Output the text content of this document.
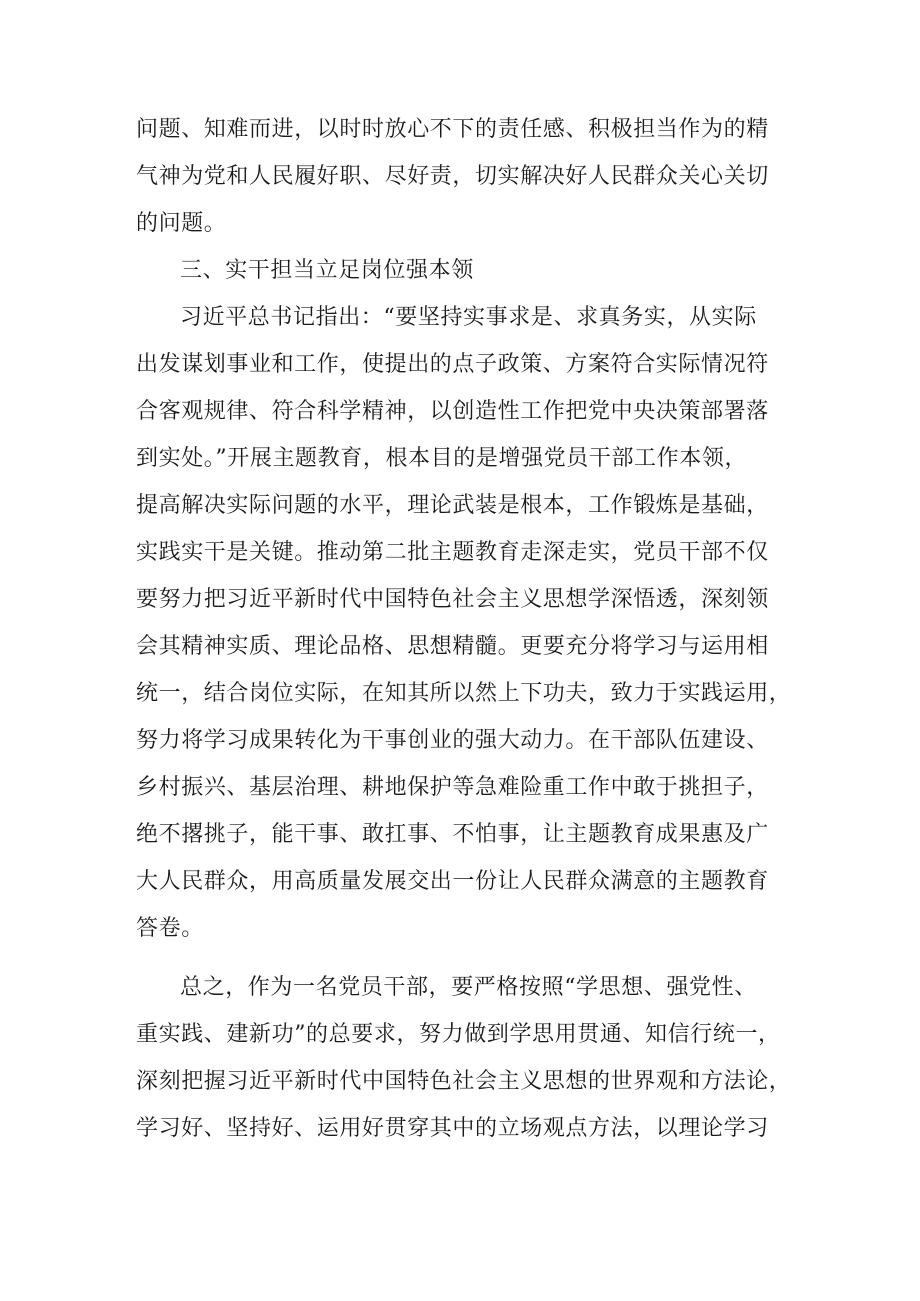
问题、知难而进，以时时放心不下的责任感、积极担当作为的精
气神为党和人民履好职、尽好责，切实解决好人民群众关心关切
的问题。
三、实干担当立足岗位强本领
习近平总书记指出：“要坚持实事求是、求真务实，从实际
出发谋划事业和工作，使提出的点子政策、方案符合实际情况符
合客观规律、符合科学精神，以创造性工作把党中央决策部署落
到实处。”开展主题教育，根本目的是增强党员干部工作本领，
提高解决实际问题的水平，理论武装是根本，工作锻炼是基础，
实践实干是关键。推动第二批主题教育走深走实，党员干部不仅
要努力把习近平新时代中国特色社会主义思想学深悟透，深刻领
会其精神实质、理论品格、思想精髓。更要充分将学习与运用相
统一，结合岗位实际，在知其所以然上下功夫，致力于实践运用，
努力将学习成果转化为干事创业的强大动力。在干部队伍建设、
乡村振兴、基层治理、耕地保护等急难险重工作中敢于挑担子，
绝不撂挑子，能干事、敢扛事、不怕事，让主题教育成果惠及广
大人民群众，用高质量发展交出一份让人民群众满意的主题教育
答卷。
总之，作为一名党员干部，要严格按照“学思想、强党性、
重实践、建新功”的总要求，努力做到学思用贯通、知信行统一，
深刻把握习近平新时代中国特色社会主义思想的世界观和方法论，
学习好、坚持好、运用好贯穿其中的立场观点方法，以理论学习
